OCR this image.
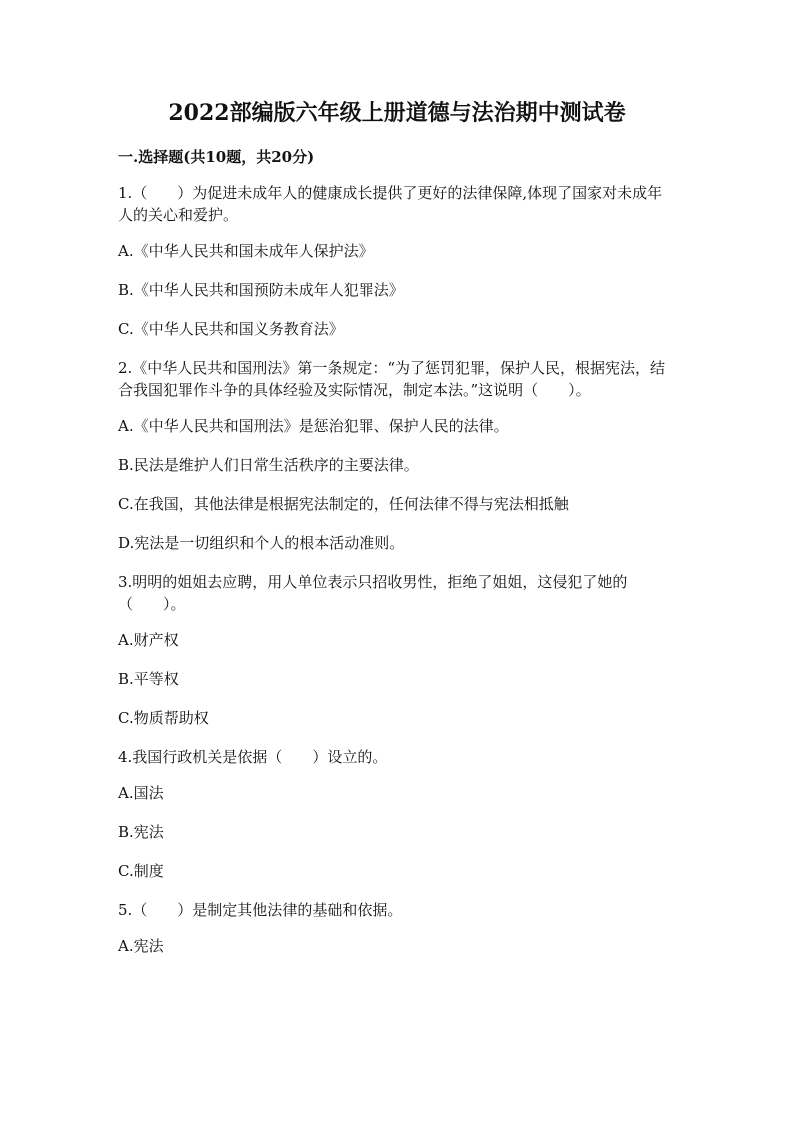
2022部编版六年级上册道德与法治期中测试卷
一.选择题(共10题，共20分)
1.（　　）为促进未成年人的健康成长提供了更好的法律保障,体现了国家对未成年人的关心和爱护。
A.《中华人民共和国未成年人保护法》
B.《中华人民共和国预防未成年人犯罪法》
C.《中华人民共和国义务教育法》
2.《中华人民共和国刑法》第一条规定：“为了惩罚犯罪，保护人民，根据宪法，结合我国犯罪作斗争的具体经验及实际情况，制定本法。”这说明（　　）。
A.《中华人民共和国刑法》是惩治犯罪、保护人民的法律。
B.民法是维护人们日常生活秩序的主要法律。
C.在我国，其他法律是根据宪法制定的，任何法律不得与宪法相抵触
D.宪法是一切组织和个人的根本活动准则。
3.明明的姐姐去应聘，用人单位表示只招收男性，拒绝了姐姐，这侵犯了她的（　　）。
A.财产权
B.平等权
C.物质帮助权
4.我国行政机关是依据（　　）设立的。
A.国法
B.宪法
C.制度
5.（　　）是制定其他法律的基础和依据。
A.宪法
